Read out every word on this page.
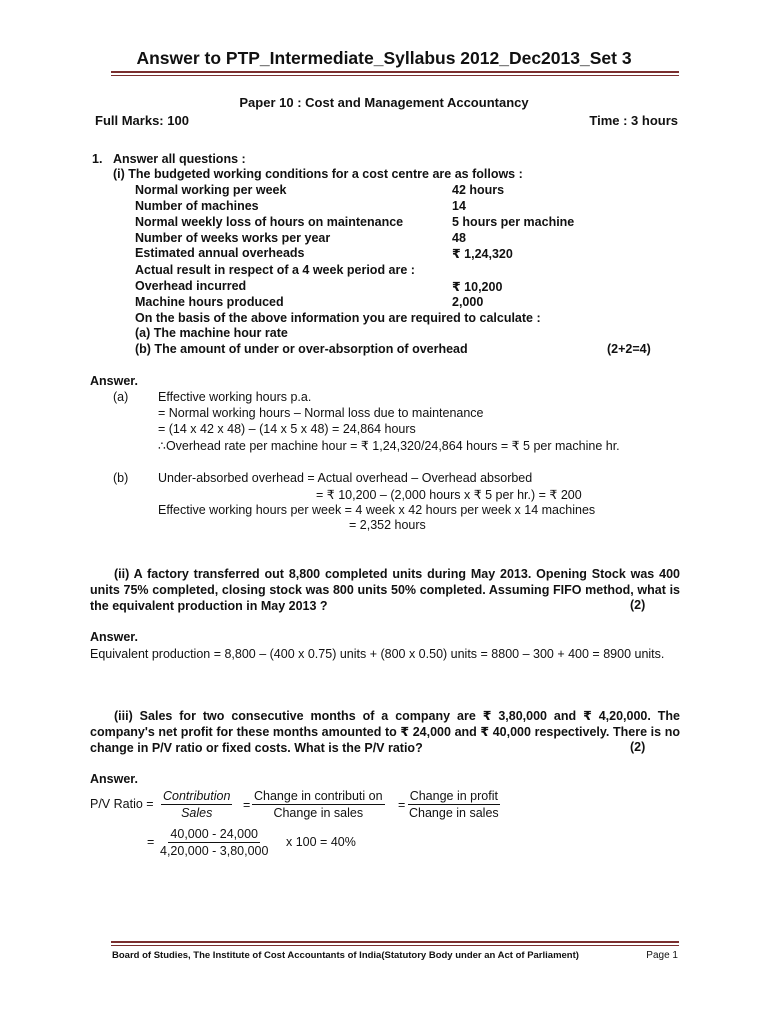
Answer to PTP_Intermediate_Syllabus 2012_Dec2013_Set 3
Paper 10 : Cost and Management Accountancy
Full Marks: 100	Time : 3 hours
1. Answer all questions :
(i) The budgeted working conditions for a cost centre are as follows :
Normal working per week	42 hours
Number of machines	14
Normal weekly loss of hours on maintenance	5 hours per machine
Number of weeks works per year	48
Estimated annual overheads	₹ 1,24,320
Actual result in respect of a 4 week period are :
Overhead incurred	₹ 10,200
Machine hours produced	2,000
On the basis of the above information you are required to calculate :
(a) The machine hour rate
(b) The amount of under or over-absorption of overhead	(2+2=4)
Answer.
(a) Effective working hours p.a.
= Normal working hours – Normal loss due to maintenance
= (14 x 42 x 48) – (14 x 5 x 48) = 24,864 hours
∴Overhead rate per machine hour = ₹ 1,24,320/24,864 hours = ₹ 5 per machine hr.
(b) Under-absorbed overhead = Actual overhead – Overhead absorbed
= ₹ 10,200 – (2,000 hours x ₹ 5 per hr.) = ₹ 200
Effective working hours per week = 4 week x 42 hours per week x 14 machines
= 2,352 hours
(ii) A factory transferred out 8,800 completed units during May 2013. Opening Stock was 400 units 75% completed, closing stock was 800 units 50% completed. Assuming FIFO method, what is the equivalent production in May 2013 ?	(2)
Answer.
Equivalent production = 8,800 – (400 x 0.75) units + (800 x 0.50) units = 8800 – 300 + 400 = 8900 units.
(iii) Sales for two consecutive months of a company are ₹ 3,80,000 and ₹ 4,20,000. The company's net profit for these months amounted to ₹ 24,000 and ₹ 40,000 respectively. There is no change in P/V ratio or fixed costs. What is the P/V ratio?	(2)
Answer.
P/V Ratio =
Contribution
Sales
=
Change in contributi on
Change in sales
=
Change in profit
Change in sales
= $\frac{40,000 - 24,000}{4,20,000 - 3,80,000}$ x 100 = 40%
Board of Studies, The Institute of Cost Accountants of India(Statutory Body under an Act of Parliament)	Page 1
